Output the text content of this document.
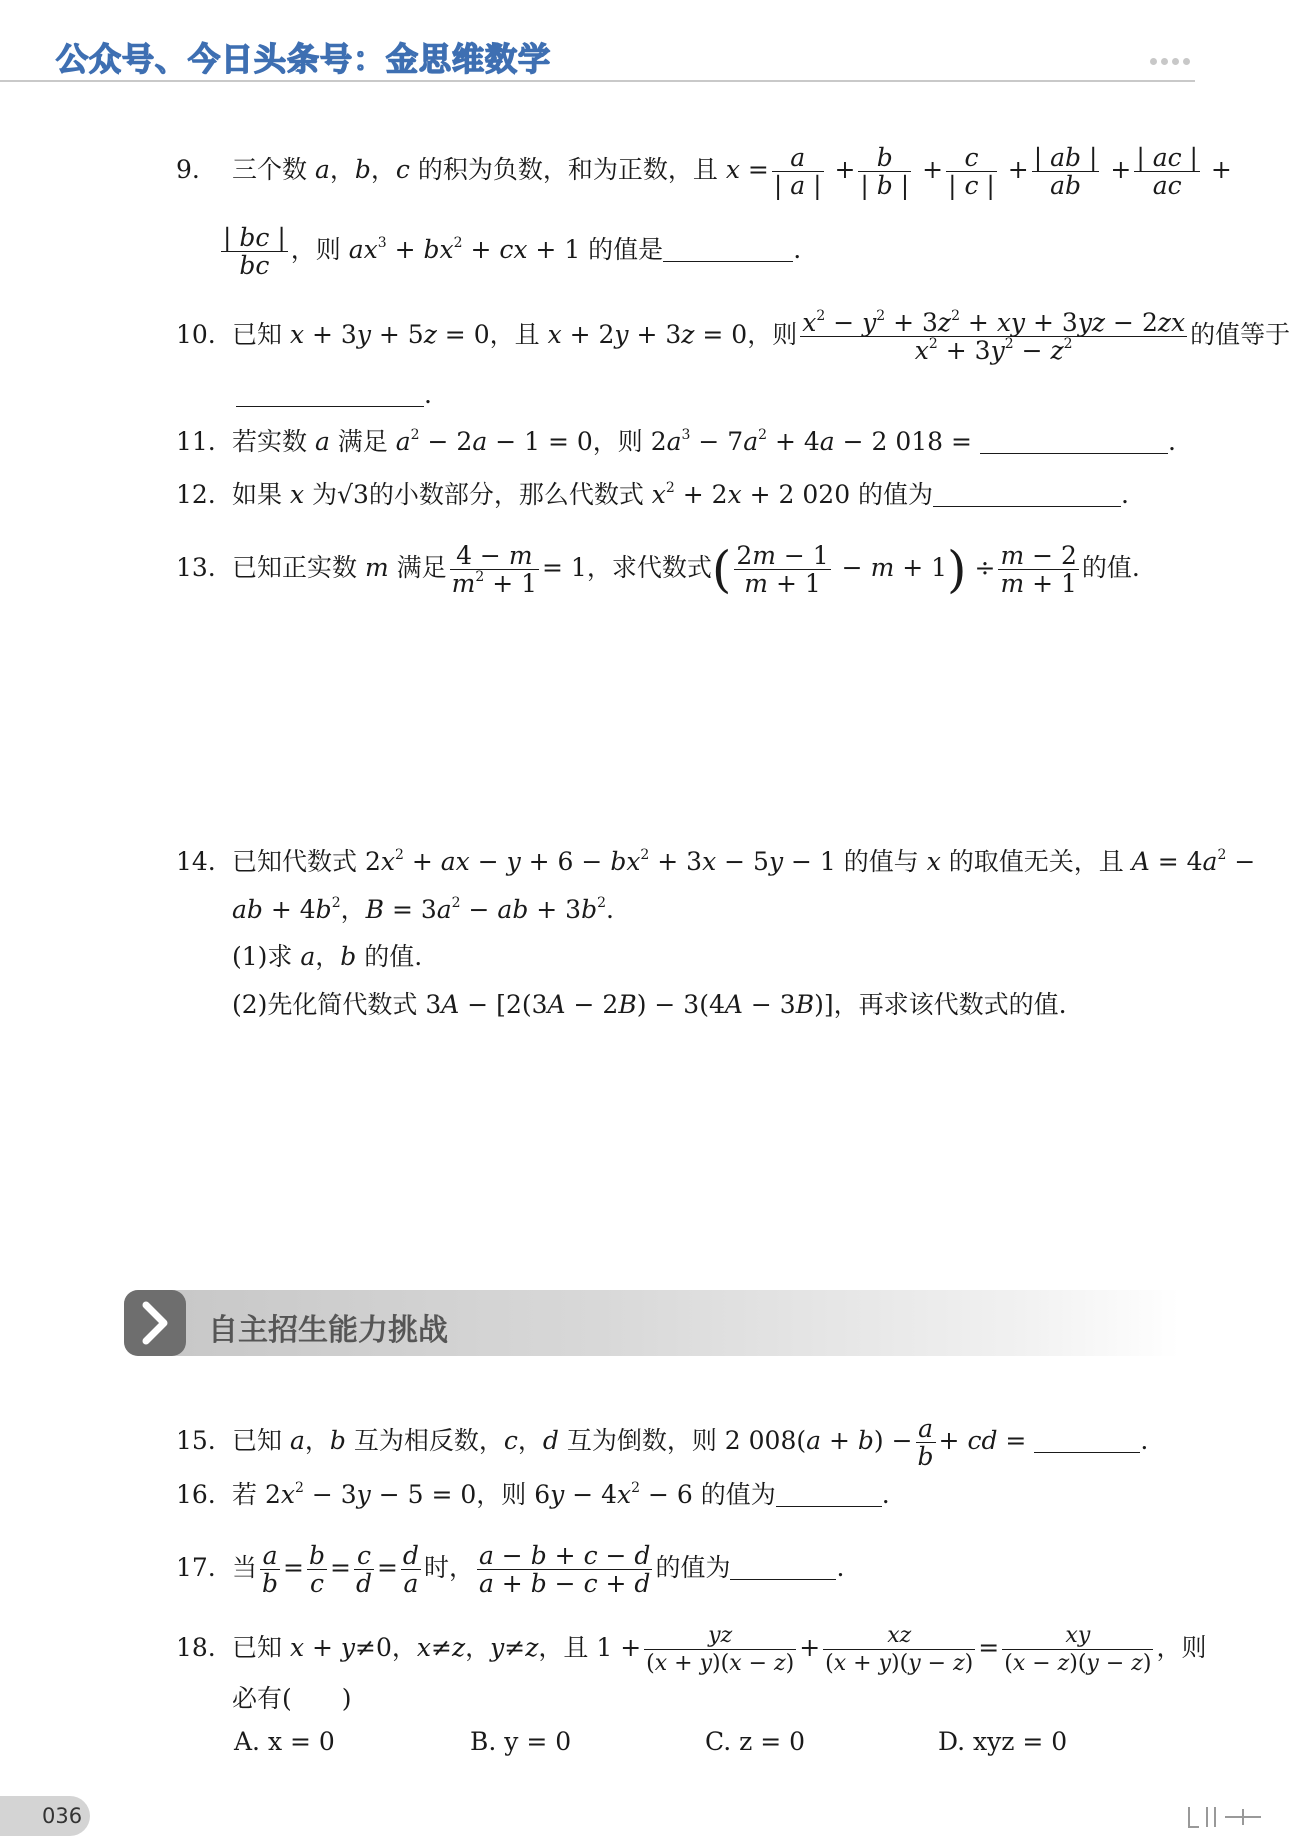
公众号、今日头条号：金思维数学
9. 三个数 a，b，c 的积为负数，和为正数，且 $x = \frac{a}{| a |} + \frac{b}{| b |} + \frac{c}{| c |} + \frac{| ab |}{ab} + \frac{| ac |}{ac}$ +
$\frac{| bc |}{bc}$ ，则 $ax^3 + bx^2$ + cx + 1 的值是	.
10. 已知 x + 3y + 5z = 0，且 x + 2y + 3z = 0，则 $\frac{x^2 - y^2 + 3z^2 + xy + 3yz - 2zx}{x^2 + 3y^2 - z^2}$ 的值等于
.
11. 若实数 a 满足 $a^2 - 2a - 1 = 0$，则 $2a^3 - 7a^2 + 4a - 2$ 018 =	.
12. 如果 x 为√3的小数部分，那么代数式 $x^2 + 2x + 2$ 020 的值为	.
13. 已知正实数 m 满足 $\frac{4 - m}{m^2 + 1} = 1$，求代数式( $\frac{2m - 1}{m + 1} - m + 1) \div \frac{m - 2}{m + 1}$ 的值.
14. 已知代数式 $2x^2$ + ax − $y + 6 - bx^2 + 3x - 5y - 1$ 的值与 x 的取值无关，且 $A = 4a^2$ −
ab + $4b^2$，$B = 3a^2$ − ab + $3b^2$.
(1)求 a，b 的值.
(2)先化简代数式 3A − [2(3A − 2B) − 3(4A − 3B)]，再求该代数式的值.
自主招生能力挑战
15. 已知 a，b 互为相反数，c，d 互为倒数，则 2 $008(a + b) - \frac{a}{b}$ + cd =	.
16. 若 $2x^2 - 3y - 5 = 0$，则 $6y - 4x^2 - 6$ 的值为	.
17. 当 $\frac{a}{b} = \frac{b}{c} = \frac{c}{d} = \frac{d}{a}$ 时， $\frac{a - b + c - d}{a + b - c + d}$ 的值为	.
18. 已知 x + y≠0，x≠z，y≠z，且 $1 + \frac{yz}{(x + y)(x - z)} + \frac{xz}{(x + y)(y - z)} = \frac{xy}{(x - z)(y - z)}$ ，则
必有(　　)
A. x = 0	B. y = 0	C. z = 0	D. xyz = 0
036
